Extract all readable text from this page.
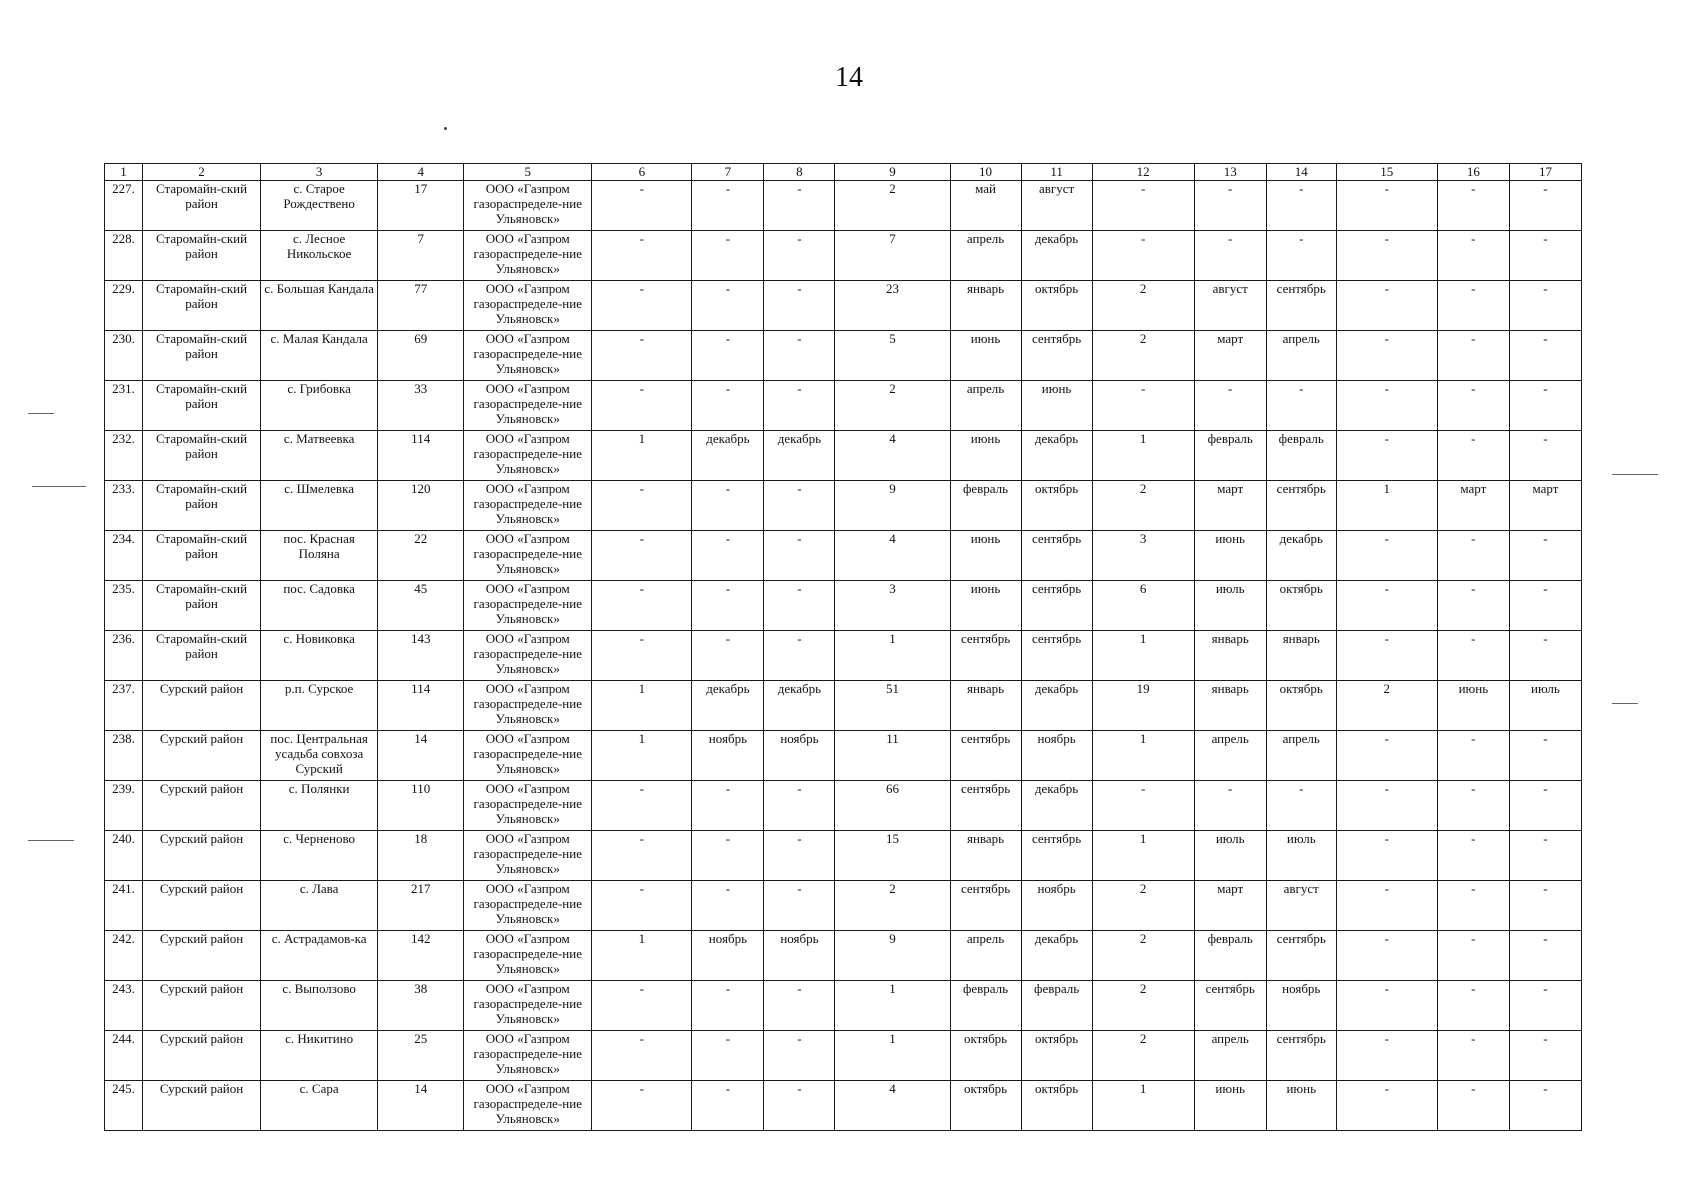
14
1	2	3	4	5	6	7	8	9	10	11	12	13	14	15	16	17
227.	Старомайн-ский район	с. Старое Рождествено	17	ООО «Газпром газораспределе-ние Ульяновск»	-	-	-	2	май	август	-	-	-	-	-	-
228.	Старомайн-ский район	с. Лесное Никольское	7	ООО «Газпром газораспределе-ние Ульяновск»	-	-	-	7	апрель	декабрь	-	-	-	-	-	-
229.	Старомайн-ский район	с. Большая Кандала	77	ООО «Газпром газораспределе-ние Ульяновск»	-	-	-	23	январь	октябрь	2	август	сентябрь	-	-	-
230.	Старомайн-ский район	с. Малая Кандала	69	ООО «Газпром газораспределе-ние Ульяновск»	-	-	-	5	июнь	сентябрь	2	март	апрель	-	-	-
231.	Старомайн-ский район	с. Грибовка	33	ООО «Газпром газораспределе-ние Ульяновск»	-	-	-	2	апрель	июнь	-	-	-	-	-	-
232.	Старомайн-ский район	с. Матвеевка	114	ООО «Газпром газораспределе-ние Ульяновск»	1	декабрь	декабрь	4	июнь	декабрь	1	февраль	февраль	-	-	-
233.	Старомайн-ский район	с. Шмелевка	120	ООО «Газпром газораспределе-ние Ульяновск»	-	-	-	9	февраль	октябрь	2	март	сентябрь	1	март	март
234.	Старомайн-ский район	пос. Красная Поляна	22	ООО «Газпром газораспределе-ние Ульяновск»	-	-	-	4	июнь	сентябрь	3	июнь	декабрь	-	-	-
235.	Старомайн-ский район	пос. Садовка	45	ООО «Газпром газораспределе-ние Ульяновск»	-	-	-	3	июнь	сентябрь	6	июль	октябрь	-	-	-
236.	Старомайн-ский район	с. Новиковка	143	ООО «Газпром газораспределе-ние Ульяновск»	-	-	-	1	сентябрь	сентябрь	1	январь	январь	-	-	-
237.	Сурский район	р.п. Сурское	114	ООО «Газпром газораспределе-ние Ульяновск»	1	декабрь	декабрь	51	январь	декабрь	19	январь	октябрь	2	июнь	июль
238.	Сурский район	пос. Центральная усадьба совхоза Сурский	14	ООО «Газпром газораспределе-ние Ульяновск»	1	ноябрь	ноябрь	11	сентябрь	ноябрь	1	апрель	апрель	-	-	-
239.	Сурский район	с. Полянки	110	ООО «Газпром газораспределе-ние Ульяновск»	-	-	-	66	сентябрь	декабрь	-	-	-	-	-	-
240.	Сурский район	с. Черненово	18	ООО «Газпром газораспределе-ние Ульяновск»	-	-	-	15	январь	сентябрь	1	июль	июль	-	-	-
241.	Сурский район	с. Лава	217	ООО «Газпром газораспределе-ние Ульяновск»	-	-	-	2	сентябрь	ноябрь	2	март	август	-	-	-
242.	Сурский район	с. Астрадамов-ка	142	ООО «Газпром газораспределе-ние Ульяновск»	1	ноябрь	ноябрь	9	апрель	декабрь	2	февраль	сентябрь	-	-	-
243.	Сурский район	с. Выползово	38	ООО «Газпром газораспределе-ние Ульяновск»	-	-	-	1	февраль	февраль	2	сентябрь	ноябрь	-	-	-
244.	Сурский район	с. Никитино	25	ООО «Газпром газораспределе-ние Ульяновск»	-	-	-	1	октябрь	октябрь	2	апрель	сентябрь	-	-	-
245.	Сурский район	с. Сара	14	ООО «Газпром газораспределе-ние Ульяновск»	-	-	-	4	октябрь	октябрь	1	июнь	июнь	-	-	-
